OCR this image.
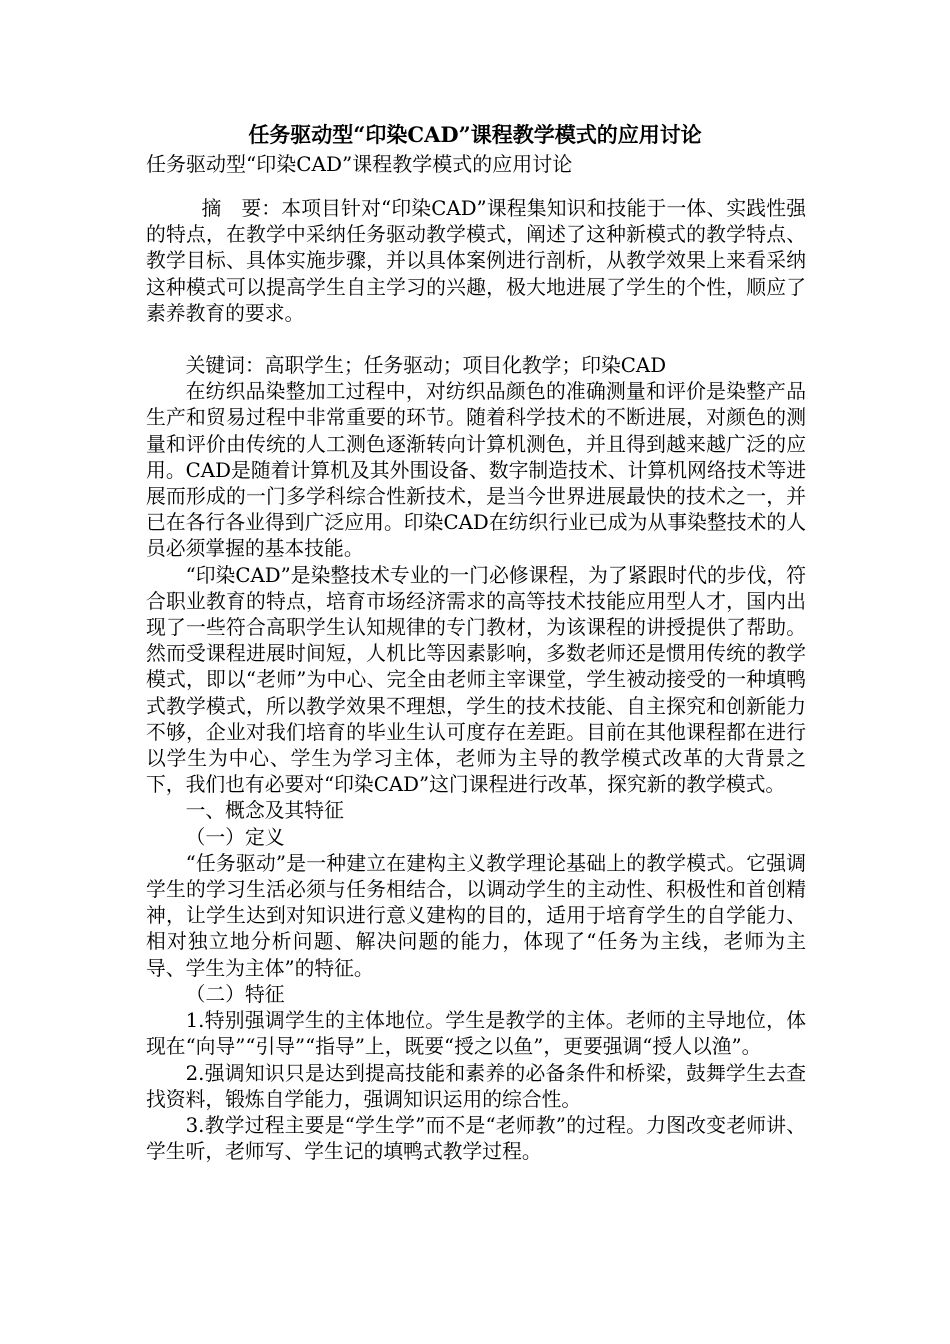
任务驱动型“印染CAD”课程教学模式的应用讨论
任务驱动型“印染CAD”课程教学模式的应用讨论

摘　要：本项目针对“印染CAD”课程集知识和技能于一体、实践性强的特点，在教学中采纳任务驱动教学模式，阐述了这种新模式的教学特点、教学目标、具体实施步骤，并以具体案例进行剖析，从教学效果上来看采纳这种模式可以提高学生自主学习的兴趣，极大地进展了学生的个性，顺应了素养教育的要求。

关键词：高职学生；任务驱动；项目化教学；印染CAD

在纺织品染整加工过程中，对纺织品颜色的准确测量和评价是染整产品生产和贸易过程中非常重要的环节。随着科学技术的不断进展，对颜色的测量和评价由传统的人工测色逐渐转向计算机测色，并且得到越来越广泛的应用。CAD是随着计算机及其外围设备、数字制造技术、计算机网络技术等进展而形成的一门多学科综合性新技术，是当今世界进展最快的技术之一，并已在各行各业得到广泛应用。印染CAD在纺织行业已成为从事染整技术的人员必须掌握的基本技能。

“印染CAD”是染整技术专业的一门必修课程，为了紧跟时代的步伐，符合职业教育的特点，培育市场经济需求的高等技术技能应用型人才，国内出现了一些符合高职学生认知规律的专门教材，为该课程的讲授提供了帮助。然而受课程进展时间短，人机比等因素影响，多数老师还是惯用传统的教学模式，即以“老师”为中心、完全由老师主宰课堂，学生被动接受的一种填鸭式教学模式，所以教学效果不理想，学生的技术技能、自主探究和创新能力不够，企业对我们培育的毕业生认可度存在差距。目前在其他课程都在进行以学生为中心、学生为学习主体，老师为主导的教学模式改革的大背景之下，我们也有必要对“印染CAD”这门课程进行改革，探究新的教学模式。

一、概念及其特征

（一）定义

“任务驱动”是一种建立在建构主义教学理论基础上的教学模式。它强调学生的学习生活必须与任务相结合，以调动学生的主动性、积极性和首创精神，让学生达到对知识进行意义建构的目的，适用于培育学生的自学能力、相对独立地分析问题、解决问题的能力，体现了“任务为主线，老师为主导、学生为主体”的特征。

（二）特征

1.特别强调学生的主体地位。学生是教学的主体。老师的主导地位，体现在“向导”“引导”“指导”上，既要“授之以鱼”，更要强调“授人以渔”。

2.强调知识只是达到提高技能和素养的必备条件和桥梁，鼓舞学生去查找资料，锻炼自学能力，强调知识运用的综合性。

3.教学过程主要是“学生学”而不是“老师教”的过程。力图改变老师讲、学生听，老师写、学生记的填鸭式教学过程。
